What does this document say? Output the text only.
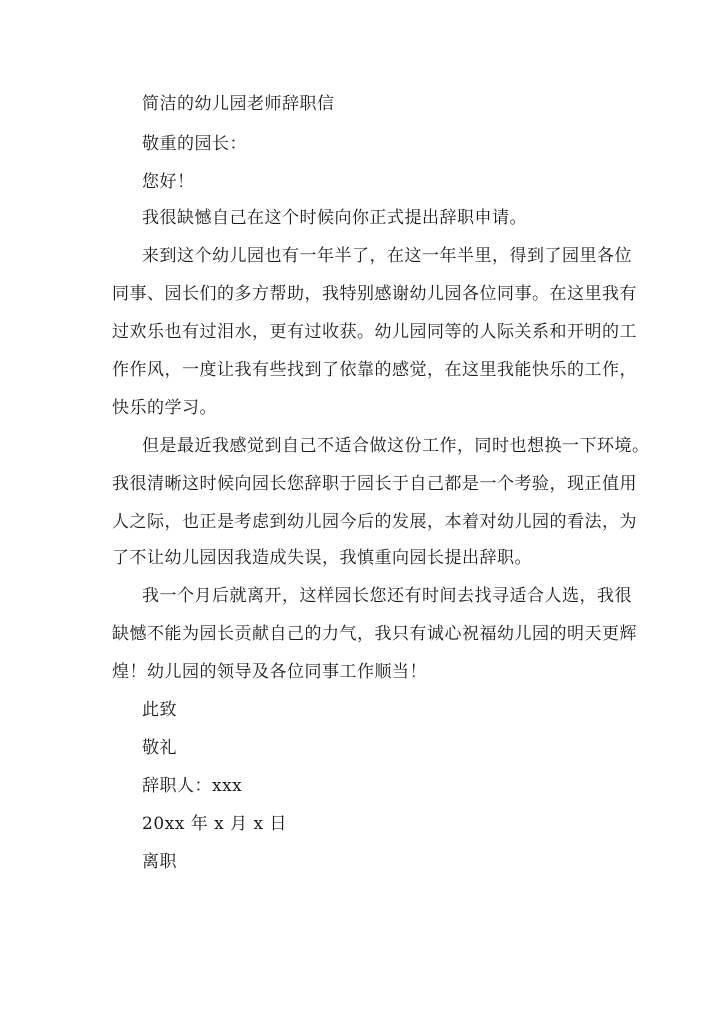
简洁的幼儿园老师辞职信
敬重的园长：
您好！
我很缺憾自己在这个时候向你正式提出辞职申请。
来到这个幼儿园也有一年半了，在这一年半里，得到了园里各位
同事、园长们的多方帮助，我特别感谢幼儿园各位同事。在这里我有
过欢乐也有过泪水，更有过收获。幼儿园同等的人际关系和开明的工
作作风，一度让我有些找到了依靠的感觉，在这里我能快乐的工作，
快乐的学习。
但是最近我感觉到自己不适合做这份工作，同时也想换一下环境。
我很清晰这时候向园长您辞职于园长于自己都是一个考验，现正值用
人之际，也正是考虑到幼儿园今后的发展，本着对幼儿园的看法，为
了不让幼儿园因我造成失误，我慎重向园长提出辞职。
我一个月后就离开，这样园长您还有时间去找寻适合人选，我很
缺憾不能为园长贡献自己的力气，我只有诚心祝福幼儿园的明天更辉
煌！幼儿园的领导及各位同事工作顺当！
此致
敬礼
辞职人：xxx
20xx 年 x 月 x 日
离职
